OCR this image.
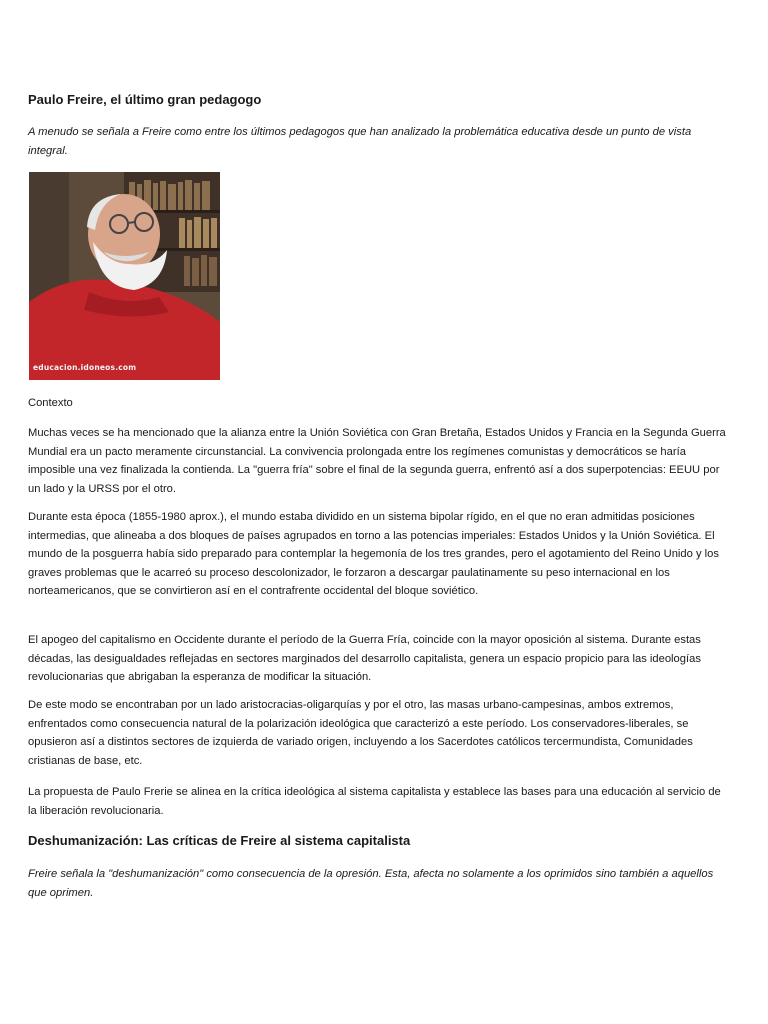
Paulo Freire, el último gran pedagogo

A menudo se señala a Freire como entre los últimos pedagogos que han analizado la problemática educativa desde un punto de vista integral.

educacion.idoneos.com

Contexto

Muchas veces se ha mencionado que la alianza entre la Unión Soviética con Gran Bretaña, Estados Unidos y Francia en la Segunda Guerra Mundial era un pacto meramente circunstancial. La convivencia prolongada entre los regímenes comunistas y democráticos se haría imposible una vez finalizada la contienda. La "guerra fría" sobre el final de la segunda guerra, enfrentó así a dos superpotencias: EEUU por un lado y la URSS por el otro.

Durante esta época (1855-1980 aprox.), el mundo estaba dividido en un sistema bipolar rígido, en el que no eran admitidas posiciones intermedias, que alineaba a dos bloques de países agrupados en torno a las potencias imperiales: Estados Unidos y la Unión Soviética. El mundo de la posguerra había sido preparado para contemplar la hegemonía de los tres grandes, pero el agotamiento del Reino Unido y los graves problemas que le acarreó su proceso descolonizador, le forzaron a descargar paulatinamente su peso internacional en los norteamericanos, que se convirtieron así en el contrafrente occidental del bloque soviético.

El apogeo del capitalismo en Occidente durante el período de la Guerra Fría, coincide con la mayor oposición al sistema. Durante estas décadas, las desigualdades reflejadas en sectores marginados del desarrollo capitalista, genera un espacio propicio para las ideologías revolucionarias que abrigaban la esperanza de modificar la situación.

De este modo se encontraban por un lado aristocracias-oligarquías y por el otro, las masas urbano-campesinas, ambos extremos, enfrentados como consecuencia natural de la polarización ideológica que caracterizó a este período. Los conservadores-liberales, se opusieron así a distintos sectores de izquierda de variado origen, incluyendo a los Sacerdotes católicos tercermundista, Comunidades cristianas de base, etc.

La propuesta de Paulo Frerie se alinea en la crítica ideológica al sistema capitalista y establece las bases para una educación al servicio de la liberación revolucionaria.

Deshumanización: Las críticas de Freire al sistema capitalista

Freire señala la "deshumanización" como consecuencia de la opresión. Esta, afecta no solamente a los oprimidos sino también a aquellos que oprimen.
